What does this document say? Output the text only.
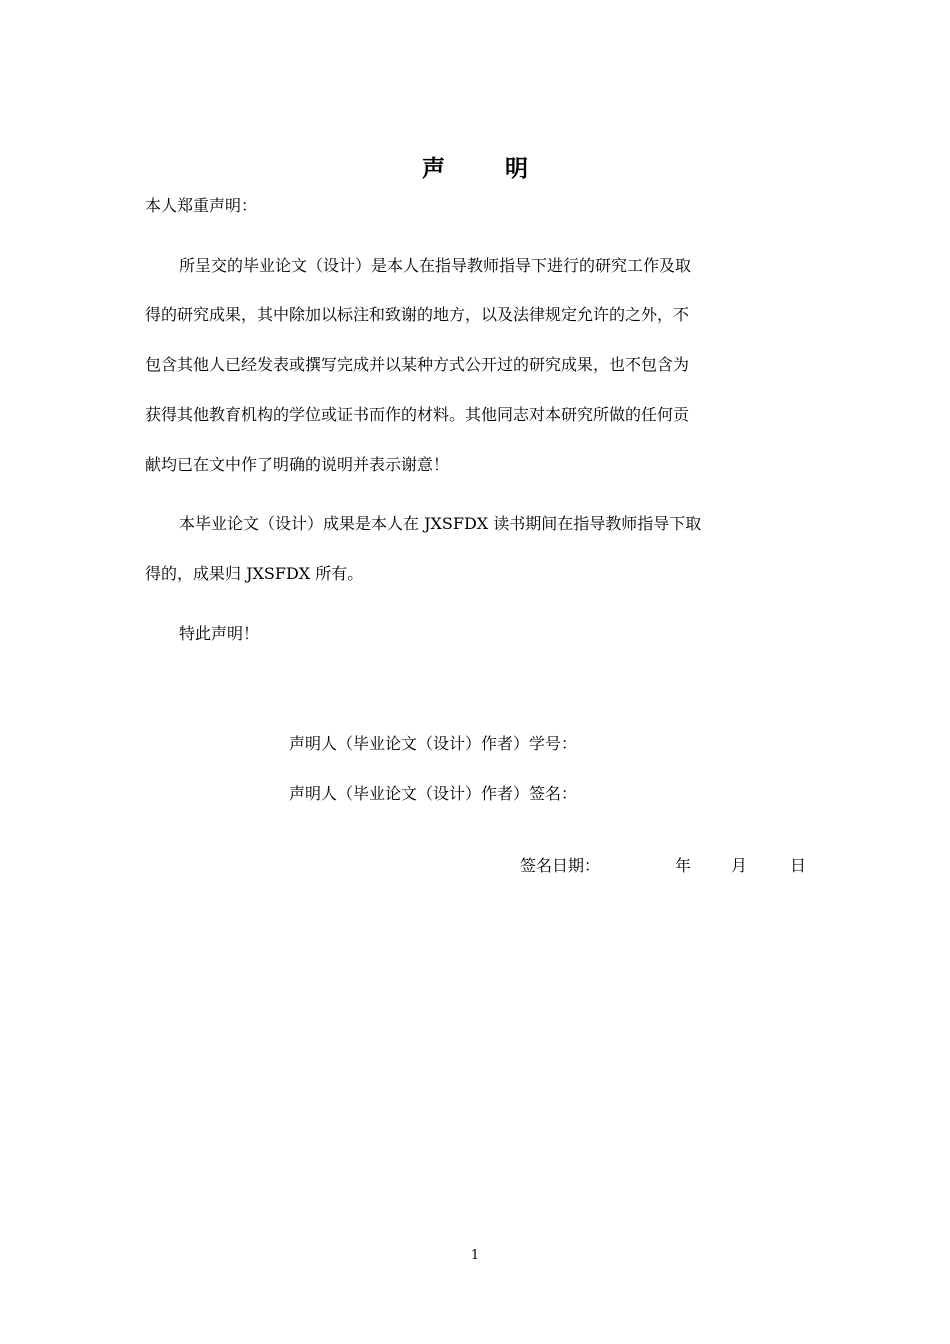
声	明
本人郑重声明：
所呈交的毕业论文（设计）是本人在指导教师指导下进行的研究工作及取
得的研究成果，其中除加以标注和致谢的地方，以及法律规定允许的之外，不
包含其他人已经发表或撰写完成并以某种方式公开过的研究成果，也不包含为
获得其他教育机构的学位或证书而作的材料。其他同志对本研究所做的任何贡
献均已在文中作了明确的说明并表示谢意！
本毕业论文（设计）成果是本人在 JXSFDX 读书期间在指导教师指导下取
得的，成果归 JXSFDX 所有。
特此声明！
声明人（毕业论文（设计）作者）学号：
声明人（毕业论文（设计）作者）签名：
签名日期：	年 月	日
1
